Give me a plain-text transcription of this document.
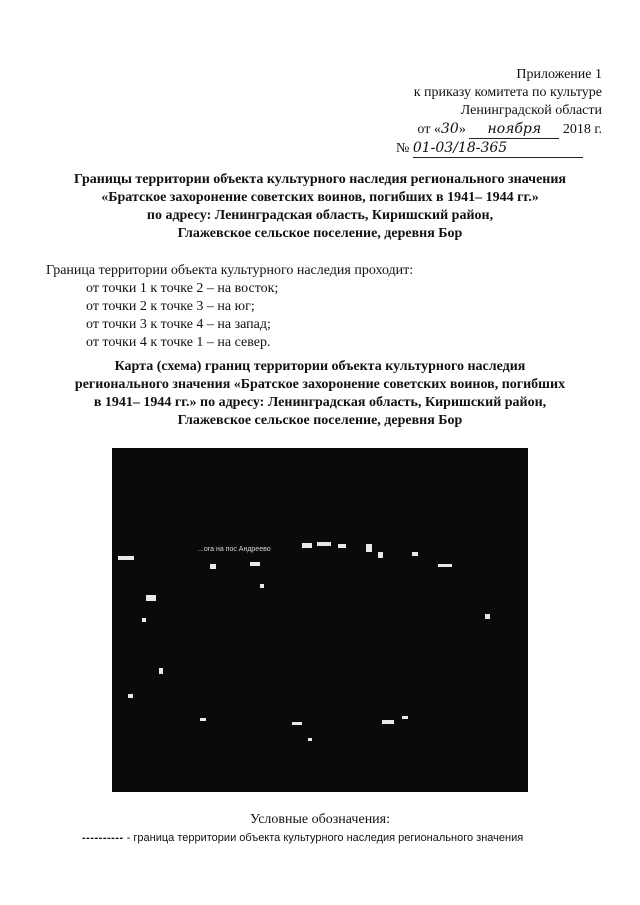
Приложение 1
к приказу комитета по культуре
Ленинградской области
от «30» ноября 2018 г.
№ 01-03/18-365
Границы территории объекта культурного наследия регионального значения
«Братское захоронение советских воинов, погибших в 1941– 1944 гг.»
по адресу: Ленинградская область, Киришский район,
Глажевское сельское поселение, деревня Бор
Граница территории объекта культурного наследия проходит:
от точки 1 к точке 2 – на восток;
от точки 2 к точке 3 – на юг;
от точки 3 к точке 4 – на запад;
от точки 4 к точке 1 – на север.
Карта (схема) границ территории объекта культурного наследия
регионального значения «Братское захоронение советских воинов, погибших
в 1941– 1944 гг.» по адресу: Ленинградская область, Киришский район,
Глажевское сельское поселение, деревня Бор
...ога на пос Андреево
Условные обозначения:
---------- - граница территории объекта культурного наследия регионального значения
